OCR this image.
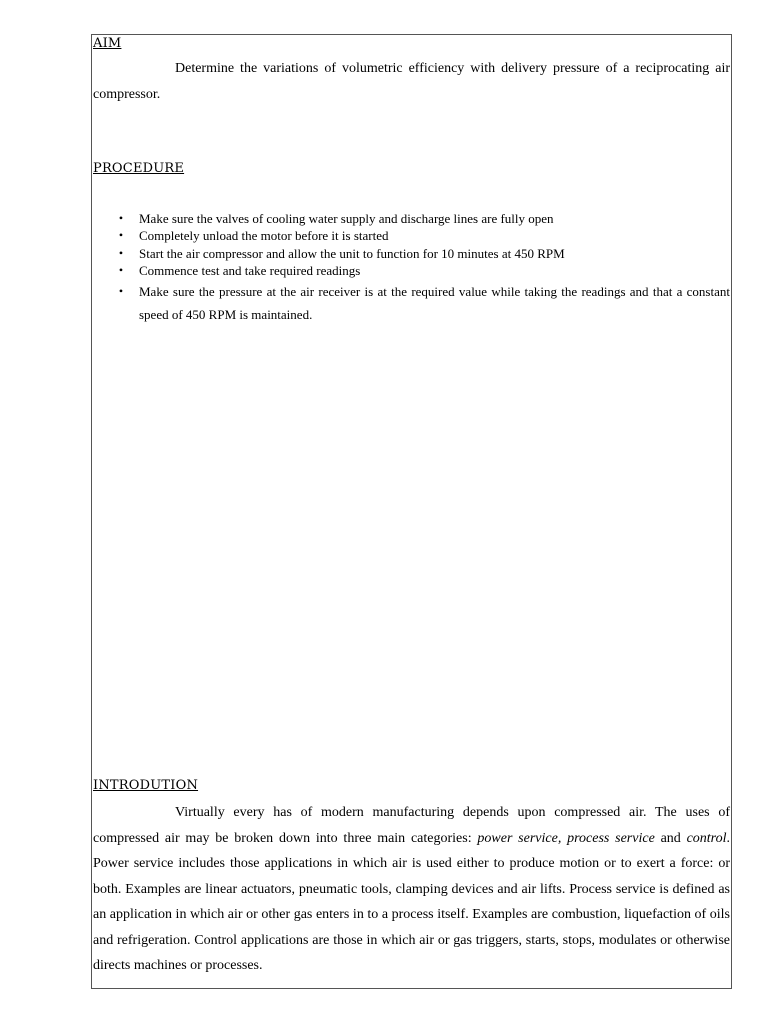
AIM
Determine the variations of volumetric efficiency with delivery pressure of a reciprocating air compressor.
PROCEDURE
•	Make sure the valves of cooling water supply and discharge lines are fully open
•	Completely unload the motor before it is started
•	Start the air compressor and allow the unit to function for 10 minutes at 450 RPM
•	Commence test and take required readings
•	Make sure the pressure at the air receiver is at the required value while taking the readings and that a constant speed of 450 RPM is maintained.
INTRODUTION
Virtually every has of modern manufacturing depends upon compressed air. The uses of compressed air may be broken down into three main categories: power service, process service and control. Power service includes those applications in which air is used either to produce motion or to exert a force: or both. Examples are linear actuators, pneumatic tools, clamping devices and air lifts. Process service is defined as an application in which air or other gas enters in to a process itself. Examples are combustion, liquefaction of oils and refrigeration. Control applications are those in which air or gas triggers, starts, stops, modulates or otherwise directs machines or processes.
